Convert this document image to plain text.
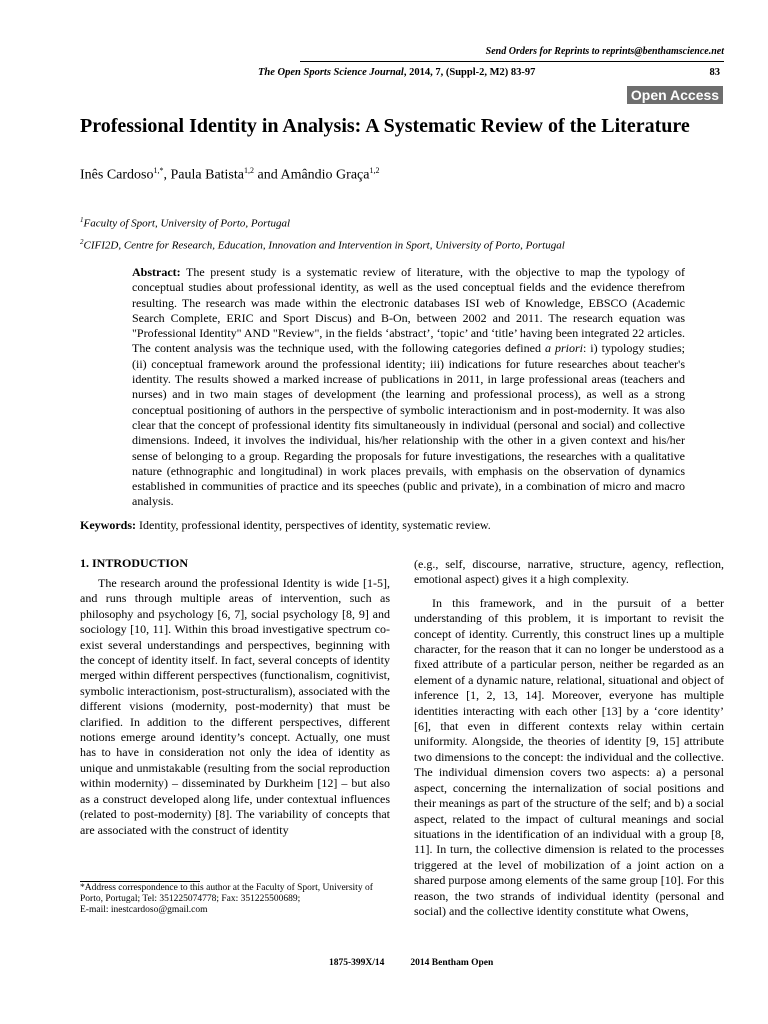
Send Orders for Reprints to reprints@benthamscience.net
The Open Sports Science Journal, 2014, 7, (Suppl-2, M2) 83-97	83
Open Access
Professional Identity in Analysis: A Systematic Review of the Literature
Inês Cardoso$^{1,*}$, Paula Batista$^{1,2}$ and Amândio Graça$^{1,2}$
$^1$Faculty of Sport, University of Porto, Portugal
$^2$CIFI2D, Centre for Research, Education, Innovation and Intervention in Sport, University of Porto, Portugal
Abstract: The present study is a systematic review of literature, with the objective to map the typology of conceptual studies about professional identity, as well as the used conceptual fields and the evidence therefrom resulting. The research was made within the electronic databases ISI web of Knowledge, EBSCO (Academic Search Complete, ERIC and Sport Discus) and B-On, between 2002 and 2011. The research equation was "Professional Identity" AND "Review", in the fields ‘abstract’, ‘topic’ and ‘title’ having been integrated 22 articles. The content analysis was the technique used, with the following categories defined a priori: i) typology studies; (ii) conceptual framework around the professional identity; iii) indications for future researches about teacher's identity. The results showed a marked increase of publications in 2011, in large professional areas (teachers and nurses) and in two main stages of development (the learning and professional process), as well as a strong conceptual positioning of authors in the perspective of symbolic interactionism and in post-modernity. It was also clear that the concept of professional identity fits simultaneously in individual (personal and social) and collective dimensions. Indeed, it involves the individual, his/her relationship with the other in a given context and his/her sense of belonging to a group. Regarding the proposals for future investigations, the researches with a qualitative nature (ethnographic and longitudinal) in work places prevails, with emphasis on the observation of dynamics established in communities of practice and its speeches (public and private), in a combination of micro and macro analysis.
Keywords: Identity, professional identity, perspectives of identity, systematic review.
1. INTRODUCTION

The research around the professional Identity is wide [1-5], and runs through multiple areas of intervention, such as philosophy and psychology [6, 7], social psychology [8, 9] and sociology [10, 11]. Within this broad investigative spectrum co-exist several understandings and perspectives, beginning with the concept of identity itself. In fact, several concepts of identity merged within different perspectives (functionalism, cognitivist, symbolic interactionism, post-structuralism), associated with the different visions (modernity, post-modernity) that must be clarified. In addition to the different perspectives, different notions emerge around identity’s concept. Actually, one must has to have in consideration not only the idea of identity as unique and unmistakable (resulting from the social reproduction within modernity) – disseminated by Durkheim [12] – but also as a construct developed along life, under contextual influences (related to post-modernity) [8]. The variability of concepts that are associated with the construct of identity

(e.g., self, discourse, narrative, structure, agency, reflection, emotional aspect) gives it a high complexity.

In this framework, and in the pursuit of a better understanding of this problem, it is important to revisit the concept of identity. Currently, this construct lines up a multiple character, for the reason that it can no longer be understood as a fixed attribute of a particular person, neither be regarded as an element of a dynamic nature, relational, situational and object of inference [1, 2, 13, 14]. Moreover, everyone has multiple identities interacting with each other [13] by a ‘core identity’ [6], that even in different contexts relay within certain uniformity. Alongside, the theories of identity [9, 15] attribute two dimensions to the concept: the individual and the collective. The individual dimension covers two aspects: a) a personal aspect, concerning the internalization of social positions and their meanings as part of the structure of the self; and b) a social aspect, related to the impact of cultural meanings and social situations in the identification of an individual with a group [8, 11]. In turn, the collective dimension is related to the processes triggered at the level of mobilization of a joint action on a shared purpose among elements of the same group [10]. For this reason, the two strands of individual identity (personal and social) and the collective identity constitute what Owens,

*Address correspondence to this author at the Faculty of Sport, University of Porto, Portugal; Tel: 351225074778; Fax: 351225500689;
E-mail: inestcardoso@gmail.com
1875-399X/14	2014 Bentham Open
